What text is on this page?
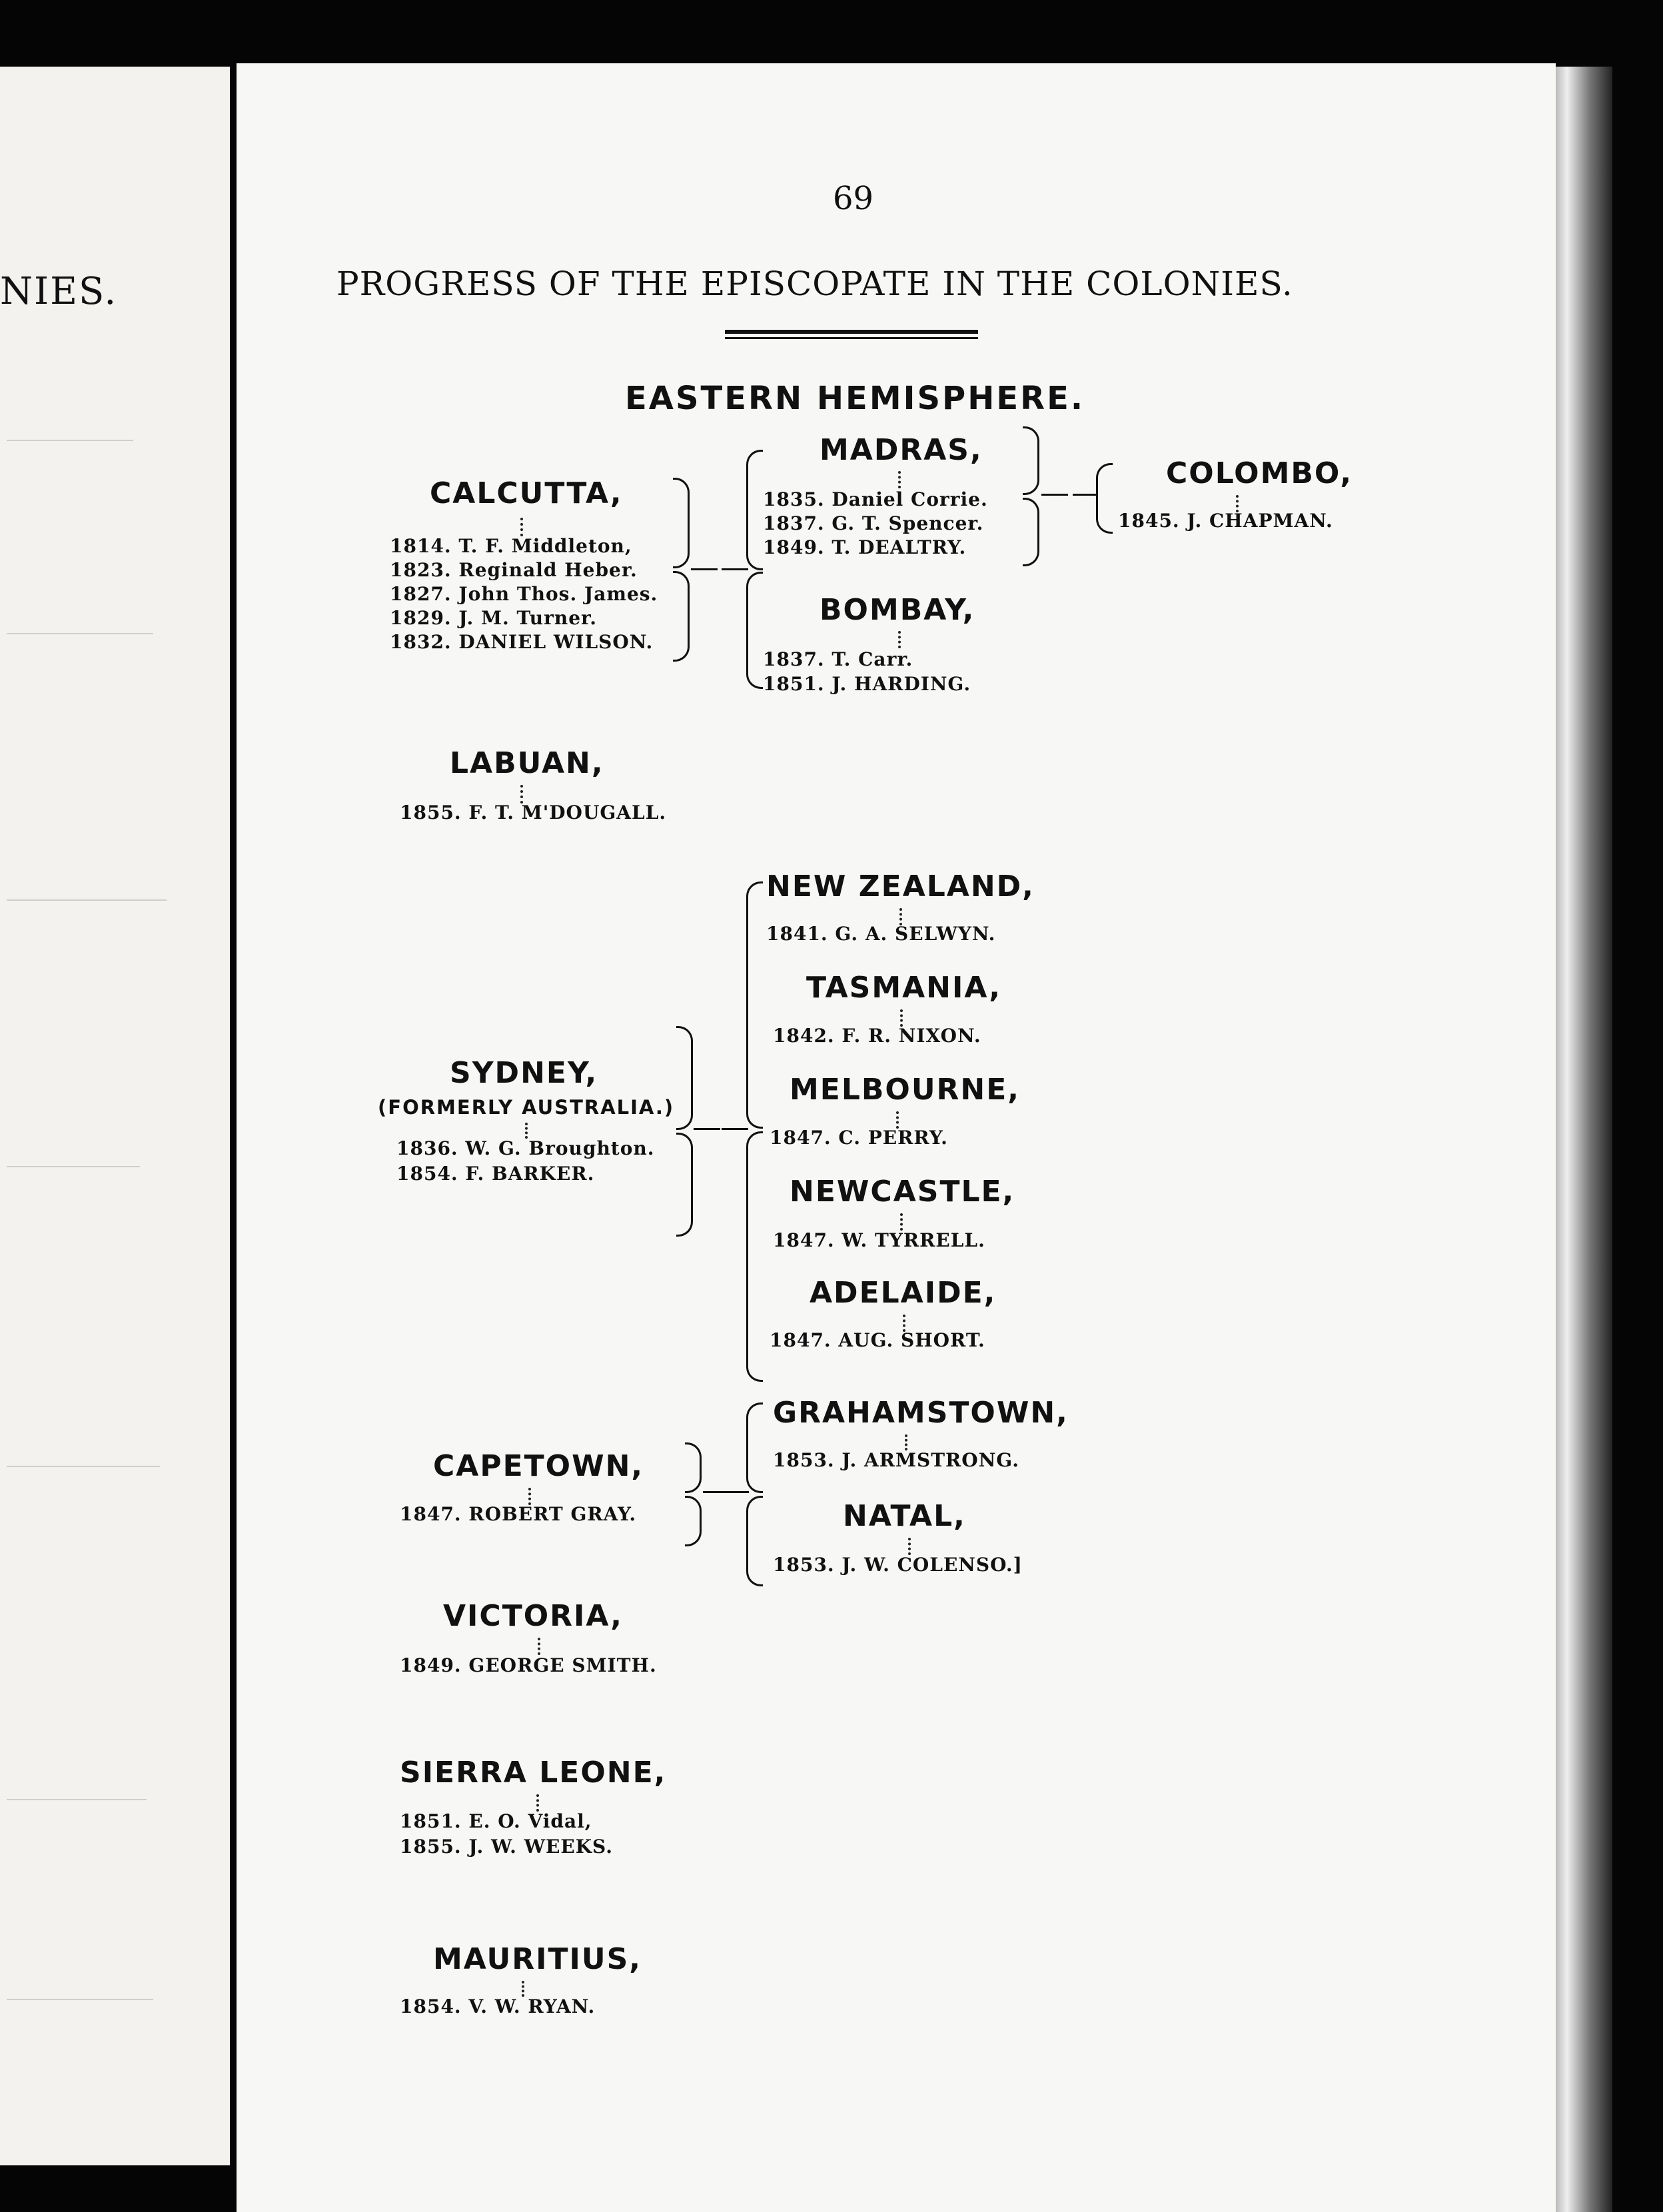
NIES.
69
PROGRESS OF THE EPISCOPATE IN THE COLONIES.
EASTERN HEMISPHERE.
CALCUTTA,
1814. T. F. Middleton,
1823. Reginald Heber.
1827. John Thos. James.
1829. J. M. Turner.
1832. DANIEL WILSON.
MADRAS,
1835. Daniel Corrie.
1837. G. T. Spencer.
1849. T. DEALTRY.
COLOMBO,
1845. J. CHAPMAN.
BOMBAY,
1837. T. Carr.
1851. J. HARDING.
LABUAN,
1855. F. T. M'DOUGALL.
NEW ZEALAND,
1841. G. A. SELWYN.
TASMANIA,
1842. F. R. NIXON.
SYDNEY,
(FORMERLY AUSTRALIA.)
1836. W. G. Broughton.
1854. F. BARKER.
MELBOURNE,
1847. C. PERRY.
NEWCASTLE,
1847. W. TYRRELL.
ADELAIDE,
1847. AUG. SHORT.
GRAHAMSTOWN,
1853. J. ARMSTRONG.
CAPETOWN,
1847. ROBERT GRAY.	NATAL,
1853. J. W. COLENSO.]
VICTORIA,
1849. GEORGE SMITH.
SIERRA LEONE,
1851. E. O. Vidal,
1855. J. W. WEEKS.
MAURITIUS,
1854. V. W. RYAN.
